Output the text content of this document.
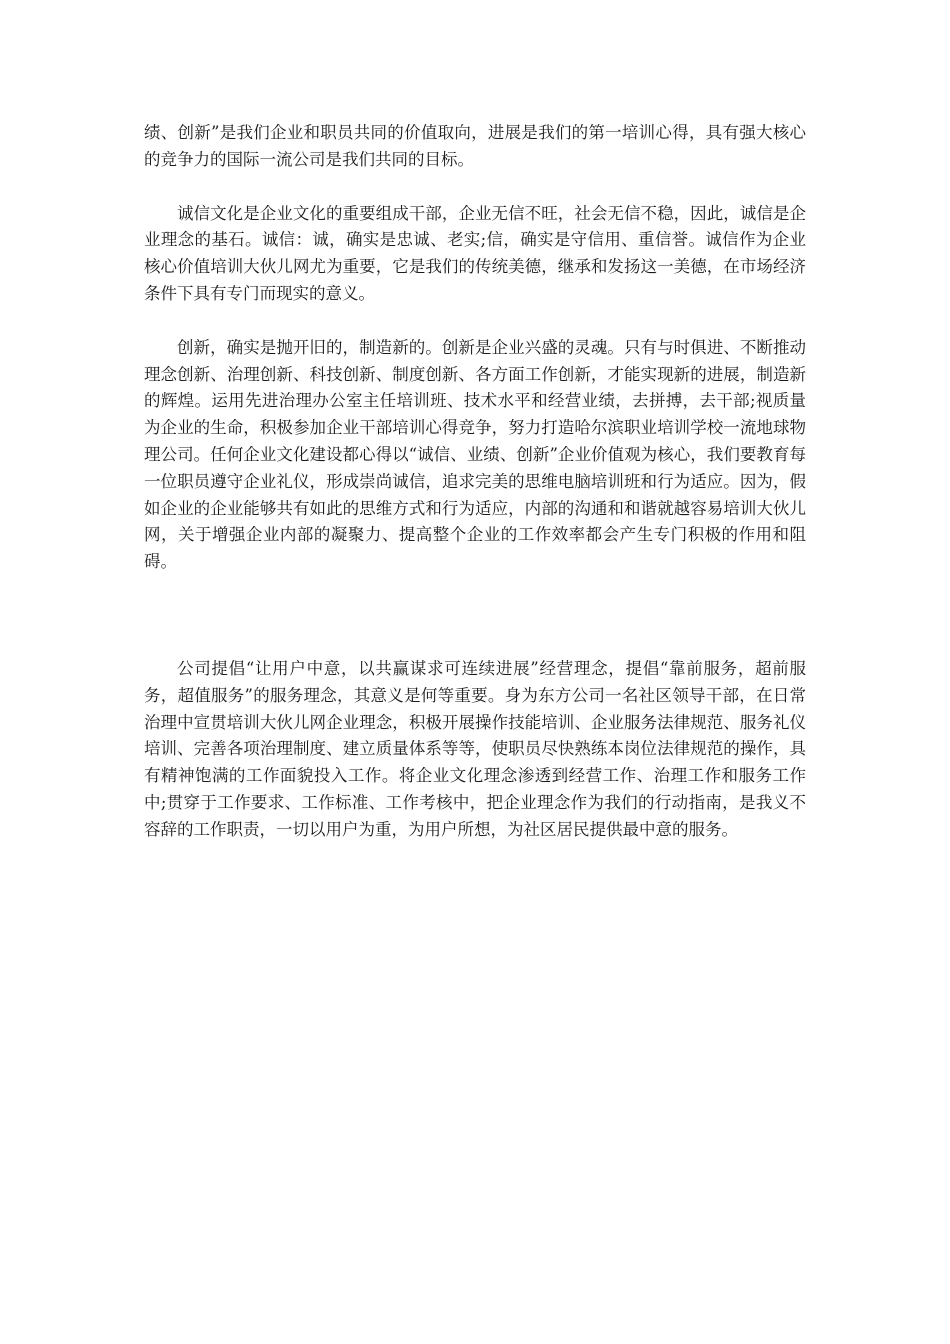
绩、创新”是我们企业和职员共同的价值取向，进展是我们的第一培训心得，具有强大核心的竞争力的国际一流公司是我们共同的目标。

诚信文化是企业文化的重要组成干部，企业无信不旺，社会无信不稳，因此，诚信是企业理念的基石。诚信：诚，确实是忠诚、老实;信，确实是守信用、重信誉。诚信作为企业核心价值培训大伙儿网尤为重要，它是我们的传统美德，继承和发扬这一美德，在市场经济条件下具有专门而现实的意义。

创新，确实是抛开旧的，制造新的。创新是企业兴盛的灵魂。只有与时俱进、不断推动理念创新、治理创新、科技创新、制度创新、各方面工作创新，才能实现新的进展，制造新的辉煌。运用先进治理办公室主任培训班、技术水平和经营业绩，去拼搏，去干部;视质量为企业的生命，积极参加企业干部培训心得竞争，努力打造哈尔滨职业培训学校一流地球物理公司。任何企业文化建设都心得以“诚信、业绩、创新”企业价值观为核心，我们要教育每一位职员遵守企业礼仪，形成崇尚诚信，追求完美的思维电脑培训班和行为适应。因为，假如企业的企业能够共有如此的思维方式和行为适应，内部的沟通和和谐就越容易培训大伙儿网，关于增强企业内部的凝聚力、提高整个企业的工作效率都会产生专门积极的作用和阻碍。

公司提倡“让用户中意，以共赢谋求可连续进展”经营理念，提倡“靠前服务，超前服务，超值服务”的服务理念，其意义是何等重要。身为东方公司一名社区领导干部，在日常治理中宣贯培训大伙儿网企业理念，积极开展操作技能培训、企业服务法律规范、服务礼仪培训、完善各项治理制度、建立质量体系等等，使职员尽快熟练本岗位法律规范的操作，具有精神饱满的工作面貌投入工作。将企业文化理念渗透到经营工作、治理工作和服务工作中;贯穿于工作要求、工作标准、工作考核中，把企业理念作为我们的行动指南，是我义不容辞的工作职责，一切以用户为重，为用户所想，为社区居民提供最中意的服务。
